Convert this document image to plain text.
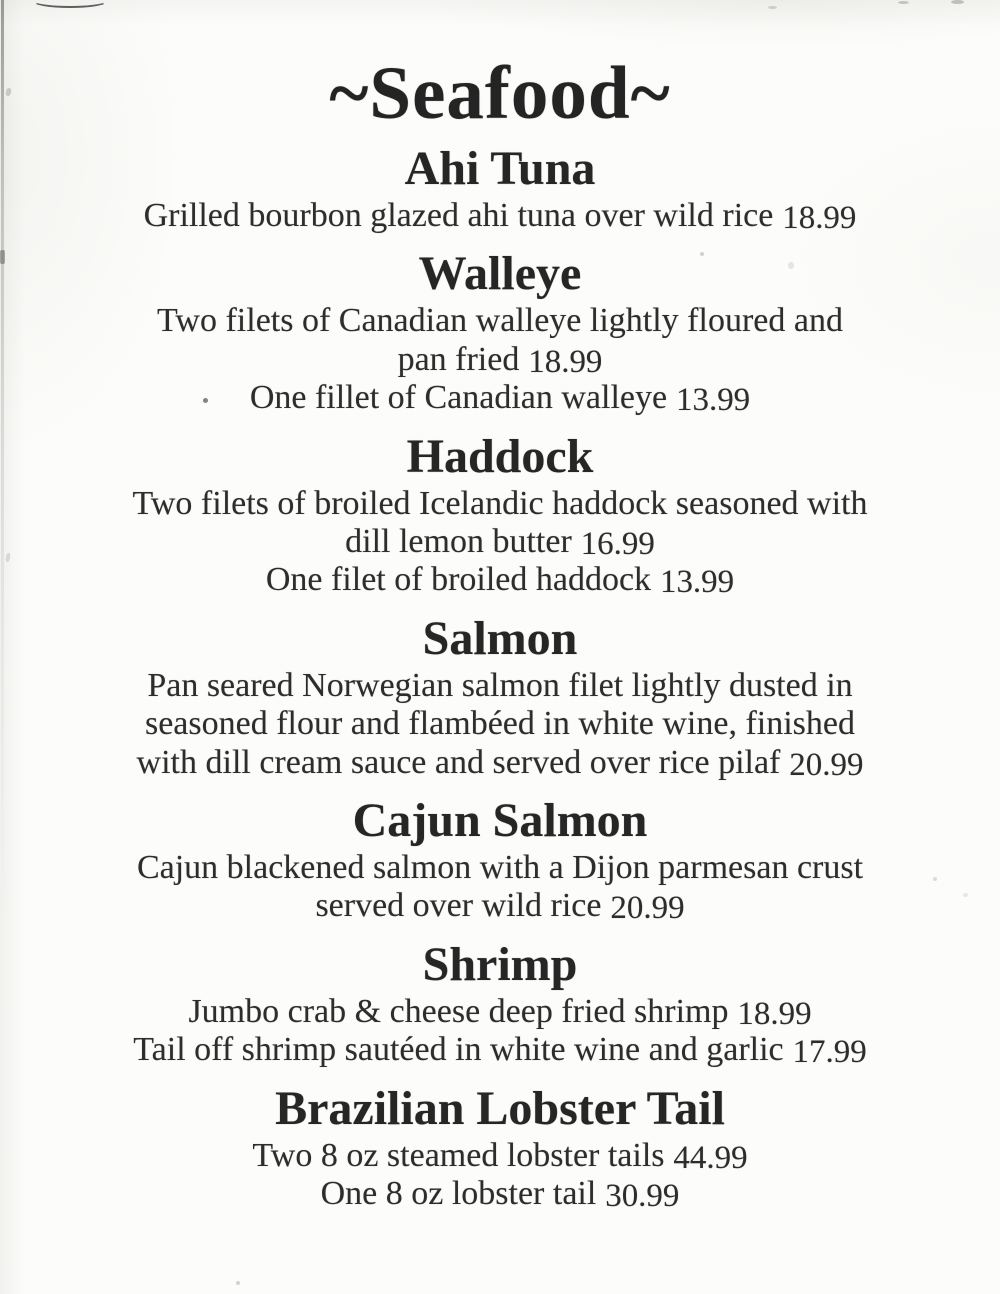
~Seafood~
Ahi Tuna

Grilled bourbon glazed ahi tuna over wild rice 18.99

Walleye

Two filets of Canadian walleye lightly floured and

pan fried 18.99

One fillet of Canadian walleye 13.99

Haddock

Two filets of broiled Icelandic haddock seasoned with

dill lemon butter 16.99

One filet of broiled haddock 13.99

Salmon

Pan seared Norwegian salmon filet lightly dusted in

seasoned flour and flambéed in white wine, finished

with dill cream sauce and served over rice pilaf 20.99

Cajun Salmon

Cajun blackened salmon with a Dijon parmesan crust

served over wild rice 20.99

Shrimp

Jumbo crab & cheese deep fried shrimp 18.99

Tail off shrimp sautéed in white wine and garlic 17.99

Brazilian Lobster Tail

Two 8 oz steamed lobster tails 44.99

One 8 oz lobster tail 30.99
